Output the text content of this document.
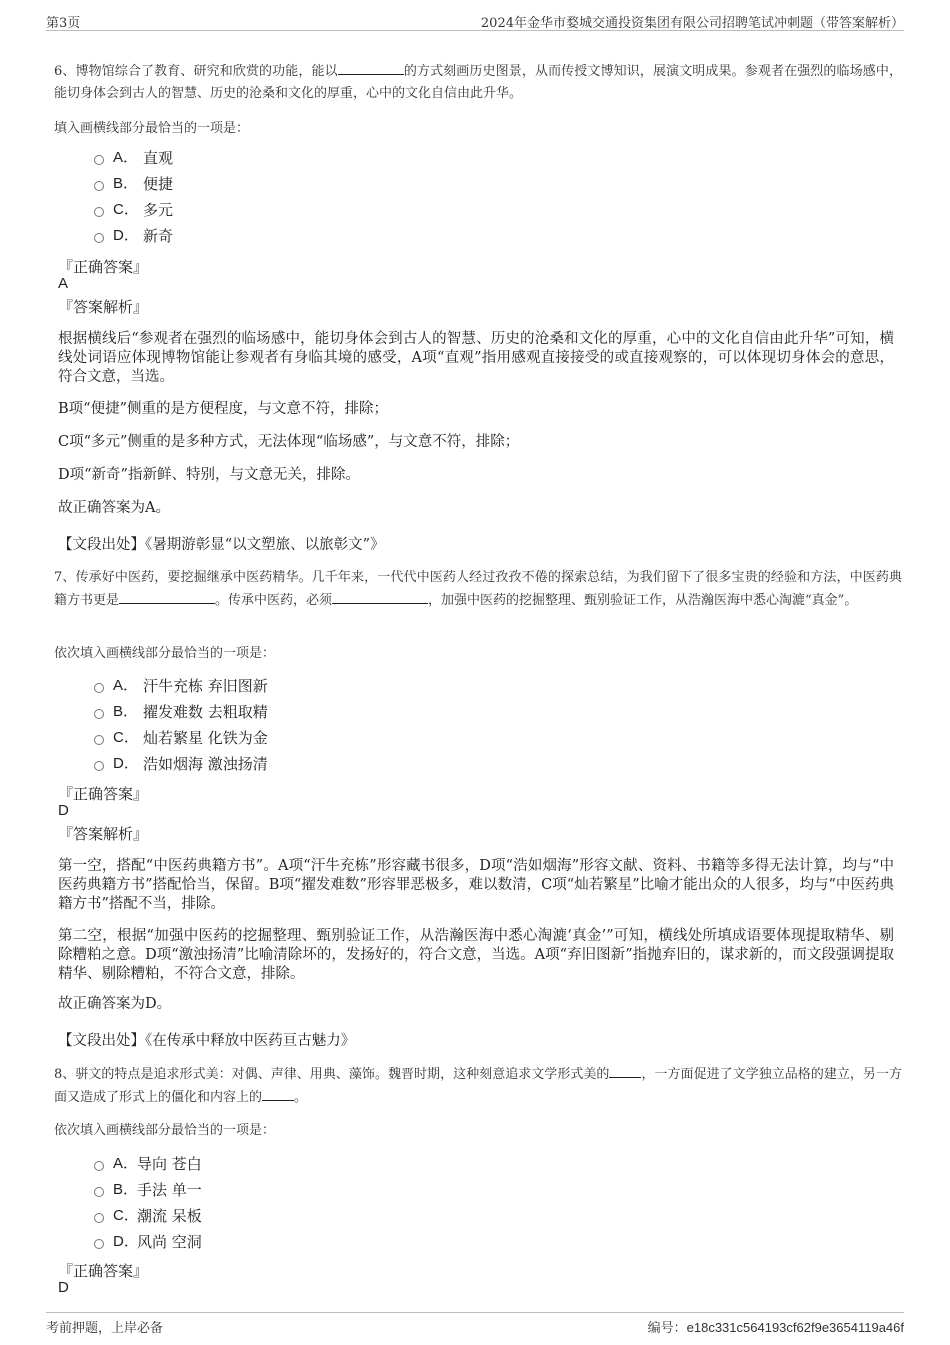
第3页	2024年金华市婺城交通投资集团有限公司招聘笔试冲刺题（带答案解析）
6、博物馆综合了教育、研究和欣赏的功能，能以	的方式刻画历史图景，从而传授文博知识，展演文明成果。参观者在强烈的临场感中，能切身体会到古人的智慧、历史的沧桑和文化的厚重，心中的文化自信由此升华。
填入画横线部分最恰当的一项是：
A． 直观
B． 便捷
C． 多元
D． 新奇
『正确答案』
A
『答案解析』
根据横线后“参观者在强烈的临场感中，能切身体会到古人的智慧、历史的沧桑和文化的厚重，心中的文化自信由此升华”可知，横线处词语应体现博物馆能让参观者有身临其境的感受，A项“直观”指用感观直接接受的或直接观察的，可以体现切身体会的意思，符合文意，当选。
B项“便捷”侧重的是方便程度，与文意不符，排除；
C项“多元”侧重的是多种方式，无法体现“临场感”，与文意不符，排除；
D项“新奇”指新鲜、特别，与文意无关，排除。
故正确答案为A。
【文段出处】《暑期游彰显“以文塑旅、以旅彰文”》
7、传承好中医药，要挖掘继承中医药精华。几千年来，一代代中医药人经过孜孜不倦的探索总结，为我们留下了很多宝贵的经验和方法，中医药典籍方书更是	。传承中医药，必须	，加强中医药的挖掘整理、甄别验证工作，从浩瀚医海中悉心淘漉“真金”。
依次填入画横线部分最恰当的一项是：
A． 汗牛充栋 弃旧图新
B． 擢发难数 去粗取精
C． 灿若繁星 化铁为金
D． 浩如烟海 激浊扬清
『正确答案』
D
『答案解析』
第一空，搭配“中医药典籍方书”。A项“汗牛充栋”形容藏书很多，D项“浩如烟海”形容文献、资料、书籍等多得无法计算，均与“中医药典籍方书”搭配恰当，保留。B项“擢发难数”形容罪恶极多，难以数清，C项“灿若繁星”比喻才能出众的人很多，均与“中医药典籍方书”搭配不当，排除。
第二空，根据“加强中医药的挖掘整理、甄别验证工作，从浩瀚医海中悉心淘漉‘真金’”可知，横线处所填成语要体现提取精华、剔除糟粕之意。D项“激浊扬清”比喻清除坏的，发扬好的，符合文意，当选。A项“弃旧图新”指抛弃旧的，谋求新的，而文段强调提取精华、剔除糟粕，不符合文意，排除。
故正确答案为D。
【文段出处】《在传承中释放中医药亘古魅力》
8、骈文的特点是追求形式美：对偶、声律、用典、藻饰。魏晋时期，这种刻意追求文学形式美的 ，一方面促进了文学独立品格的建立，另一方面又造成了形式上的僵化和内容上的 。
依次填入画横线部分最恰当的一项是：
A．
导向 苍白
B．
手法 单一
C．
潮流 呆板
D．
风尚 空洞
『正确答案』
D
考前押题，上岸必备	编号：e18c331c564193cf62f9e3654119a46f
